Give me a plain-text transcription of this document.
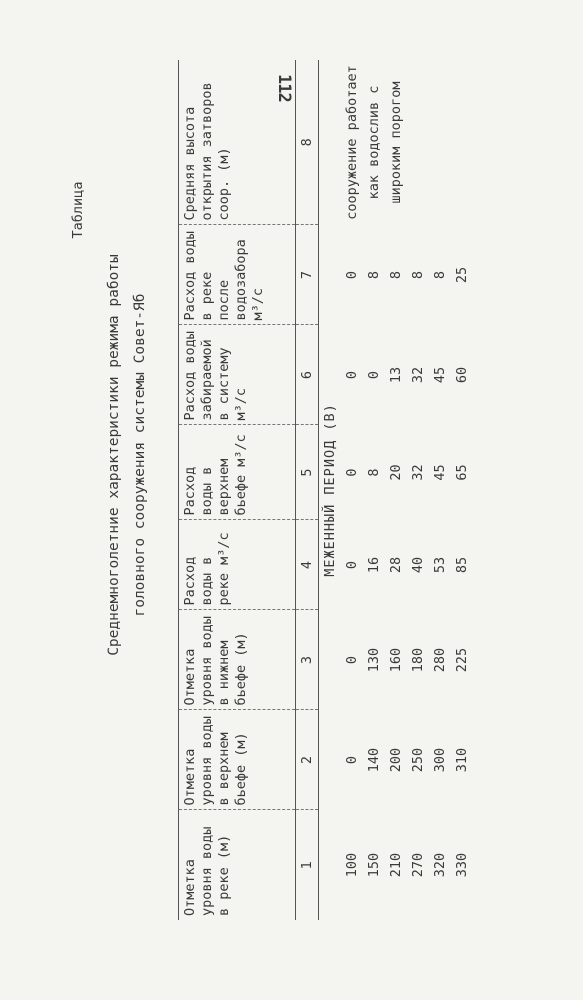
112
Таблица
Среднемноголетние характеристики режима работы головного сооружения системы Совет-Яб
Отметка уровня воды в реке (м)	Отметка уровня воды в верхнем бьефе (м)	Отметка уровня воды в нижнем бьефе (м)	Расход воды в реке м³/с	Расход воды в верхнем бьефе м³/с	Расход воды забираемой в систему м³/с	Расход воды в реке после водозабора м³/с	Средняя высота открытия затворов соор. (м)
1	2	3	4	5	6	7	8
МЕЖЕННЫЙ ПЕРИОД (В)							
100	0	0	0	0	0	0	сооружение работает как водослив с широким порогом
150	140	130	16	8	0	8	
210	200	160	28	20	13	8	
270	250	180	40	32	32	8	
320	300	280	53	45	45	8	
330	310	225	85	65	60	25	
